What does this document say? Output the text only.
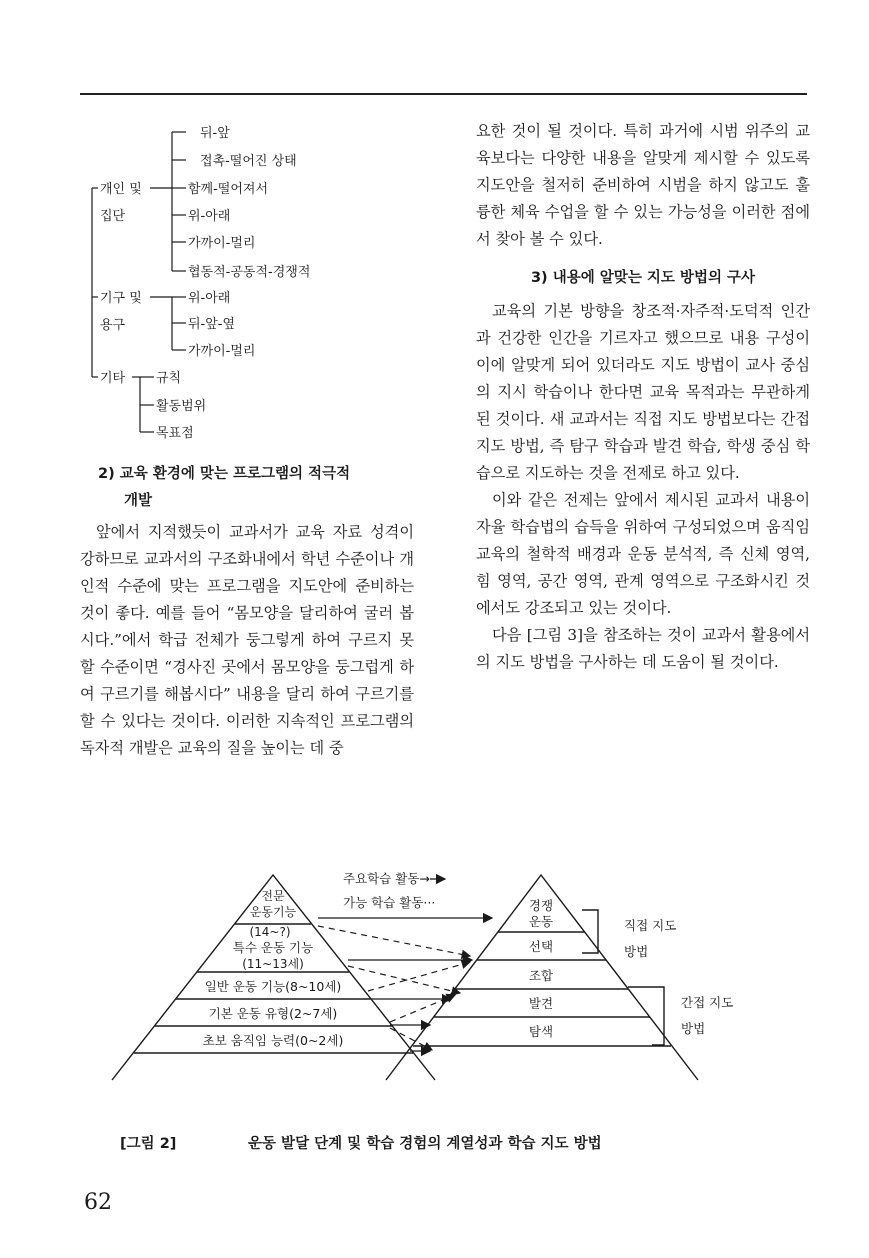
개인 및
집단
기구 및
용구
기타
뒤-앞
접촉-떨어진 상태
함께-떨어져서
위-아래
가까이-멀리
협동적-공동적-경쟁적
위-아래
뒤-앞-옆
가까이-멀리
규칙
활동범위
목표점
2) 교육 환경에 맞는 프로그램의 적극적
개발

앞에서 지적했듯이 교과서가 교육 자료 성격이 강하므로 교과서의 구조화내에서 학년 수준이나 개인적 수준에 맞는 프로그램을 지도안에 준비하는 것이 좋다. 예를 들어 “몸모양을 달리하여 굴러 봅시다.”에서 학급 전체가 둥그렇게 하여 구르지 못할 수준이면 “경사진 곳에서 몸모양을 둥그럽게 하여 구르기를 해봅시다” 내용을 달리 하여 구르기를 할 수 있다는 것이다. 이러한 지속적인 프로그램의 독자적 개발은 교육의 질을 높이는 데 중

요한 것이 될 것이다. 특히 과거에 시범 위주의 교육보다는 다양한 내용을 알맞게 제시할 수 있도록 지도안을 철저히 준비하여 시범을 하지 않고도 훌륭한 체육 수업을 할 수 있는 가능성을 이러한 점에서 찾아 볼 수 있다.

3) 내용에 알맞는 지도 방법의 구사

교육의 기본 방향을 창조적·자주적·도덕적 인간과 건강한 인간을 기르자고 했으므로 내용 구성이 이에 알맞게 되어 있더라도 지도 방법이 교사 중심의 지시 학습이나 한다면 교육 목적과는 무관하게 된 것이다. 새 교과서는 직접 지도 방법보다는 간접 지도 방법, 즉 탐구 학습과 발견 학습, 학생 중심 학습으로 지도하는 것을 전제로 하고 있다.

이와 같은 전제는 앞에서 제시된 교과서 내용이 자율 학습법의 습득을 위하여 구성되었으며 움직임 교육의 철학적 배경과 운동 분석적, 즉 신체 영역, 힘 영역, 공간 영역, 관계 영역으로 구조화시킨 것에서도 강조되고 있는 것이다.

다음 [그림 3]을 참조하는 것이 교과서 활용에서의 지도 방법을 구사하는 데 도움이 될 것이다.

주요학습 활동→
가능 학습 활동···
전문
운동기능
(14~?)
특수 운동 기능
(11~13세)
일반 운동 기능(8~10세)
기본 운동 유형(2~7세)
초보 움직임 능력(0~2세)
경쟁
운동
선택
조합
발견
탐색
직접 지도
방법
간접 지도
방법
[그림 2]	운동 발달 단계 및 학습 경험의 계열성과 학습 지도 방법
62
